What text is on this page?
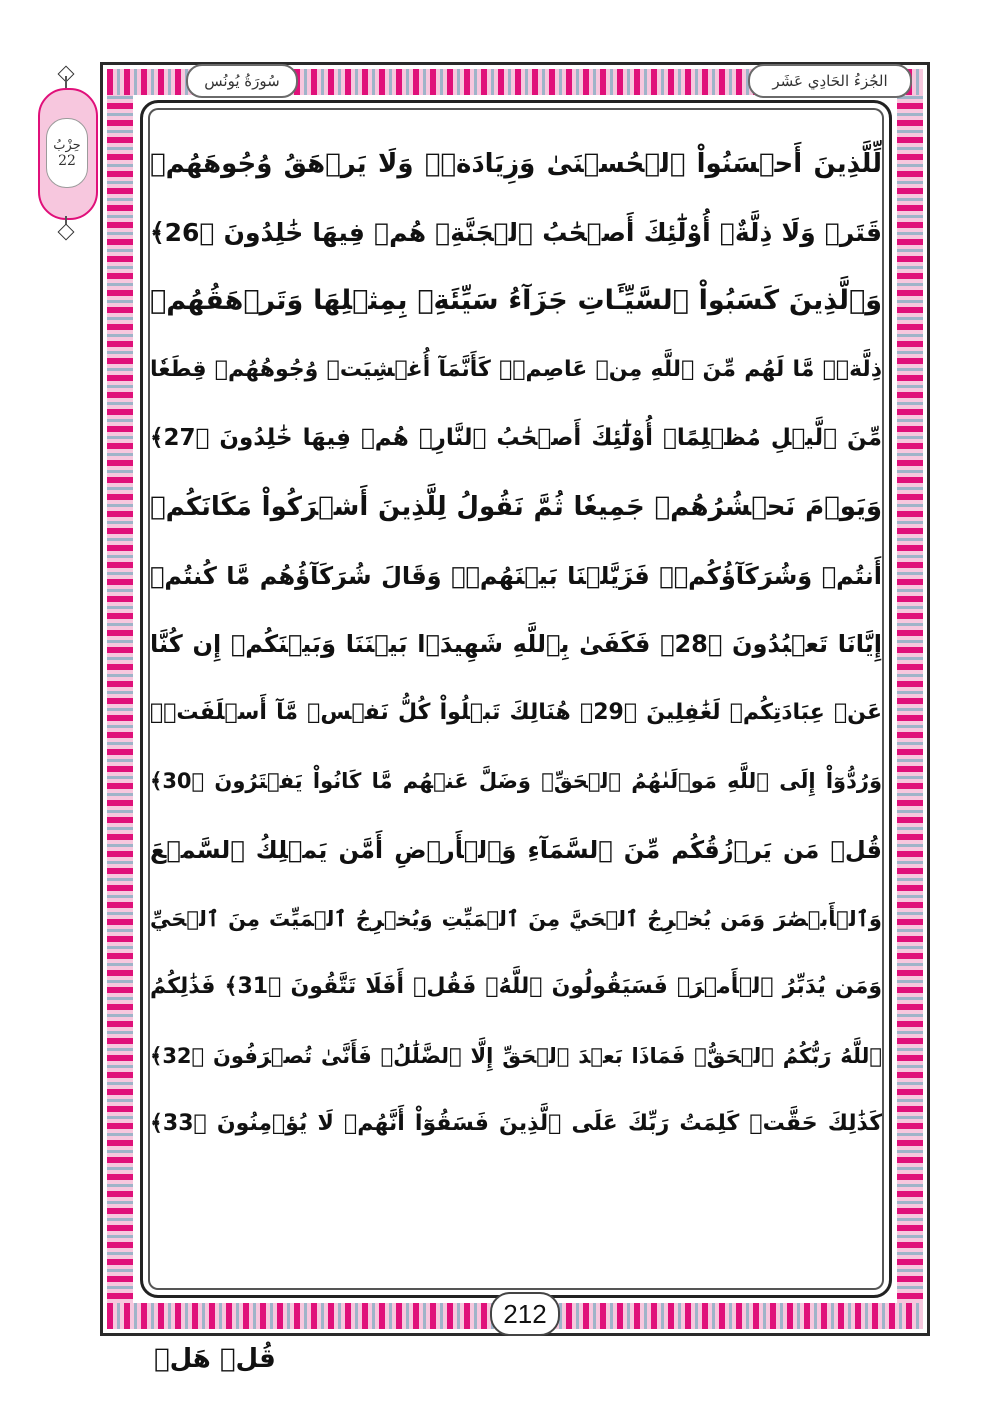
سُورَةُ يُونُس	الجُزءُ الحَادِي عَشَر
حِزْبُ
22	لِّلَّذِينَ أَحۡسَنُواْ ٱلۡحُسۡنَىٰ وَزِيَادَةٞۖ وَلَا يَرۡهَقُ وُجُوهَهُمۡ
قَتَرٞ وَلَا ذِلَّةٌۚ أُوْلَٰٓئِكَ أَصۡحَٰبُ ٱلۡجَنَّةِۖ هُمۡ فِيهَا خَٰلِدُونَ ﴿26﴾
وَٱلَّذِينَ كَسَبُواْ ٱلسَّيِّـَٔاتِ جَزَآءُ سَيِّئَةِۭ بِمِثۡلِهَا وَتَرۡهَقُهُمۡ
ذِلَّةٞۖ مَّا لَهُم مِّنَ ٱللَّهِ مِنۡ عَاصِمٖۖ كَأَنَّمَآ أُغۡشِيَتۡ وُجُوهُهُمۡ قِطَعٗا
مِّنَ ٱلَّيۡلِ مُظۡلِمًاۚ أُوْلَٰٓئِكَ أَصۡحَٰبُ ٱلنَّارِۖ هُمۡ فِيهَا خَٰلِدُونَ ﴿27﴾
وَيَوۡمَ نَحۡشُرُهُمۡ جَمِيعٗا ثُمَّ نَقُولُ لِلَّذِينَ أَشۡرَكُواْ مَكَانَكُمۡ
أَنتُمۡ وَشُرَكَآؤُكُمۡۚ فَزَيَّلۡنَا بَيۡنَهُمۡۖ وَقَالَ شُرَكَآؤُهُم مَّا كُنتُمۡ
إِيَّانَا تَعۡبُدُونَ ﴿28﴾ فَكَفَىٰ بِٱللَّهِ شَهِيدَۢا بَيۡنَنَا وَبَيۡنَكُمۡ إِن كُنَّا
عَنۡ عِبَادَتِكُمۡ لَغَٰفِلِينَ ﴿29﴾ هُنَالِكَ تَبۡلُواْ كُلُّ نَفۡسٖ مَّآ أَسۡلَفَتۡۚ
وَرُدُّوٓاْ إِلَى ٱللَّهِ مَوۡلَىٰهُمُ ٱلۡحَقِّۖ وَضَلَّ عَنۡهُم مَّا كَانُواْ يَفۡتَرُونَ ﴿30﴾
قُلۡ مَن يَرۡزُقُكُم مِّنَ ٱلسَّمَآءِ وَٱلۡأَرۡضِ أَمَّن يَمۡلِكُ ٱلسَّمۡعَ
وَٱلۡأَبۡصَٰرَ وَمَن يُخۡرِجُ ٱلۡحَيَّ مِنَ ٱلۡمَيِّتِ وَيُخۡرِجُ ٱلۡمَيِّتَ مِنَ ٱلۡحَيِّ
وَمَن يُدَبِّرُ ٱلۡأَمۡرَۚ فَسَيَقُولُونَ ٱللَّهُۚ فَقُلۡ أَفَلَا تَتَّقُونَ ﴿31﴾ فَذَٰلِكُمُ
ٱللَّهُ رَبُّكُمُ ٱلۡحَقُّۖ فَمَاذَا بَعۡدَ ٱلۡحَقِّ إِلَّا ٱلضَّلَٰلُۖ فَأَنَّىٰ تُصۡرَفُونَ ﴿32﴾
كَذَٰلِكَ حَقَّتۡ كَلِمَتُ رَبِّكَ عَلَى ٱلَّذِينَ فَسَقُوٓاْ أَنَّهُمۡ لَا يُؤۡمِنُونَ ﴿33﴾
212
قُلۡ هَلۡ
